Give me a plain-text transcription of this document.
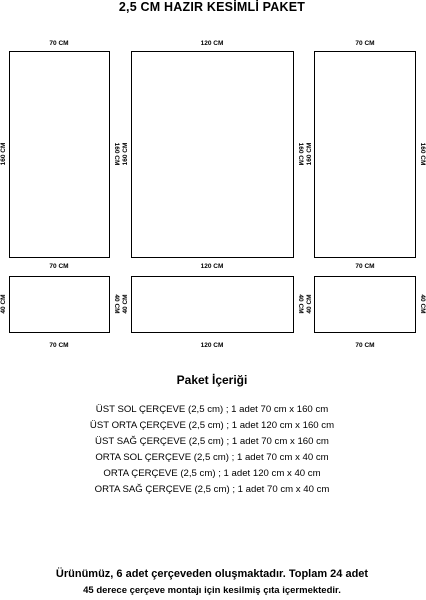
2,5 CM HAZIR KESİMLİ PAKET
70 CM	120 CM	70 CM
70 CM	120 CM	70 CM
70 CM	120 CM	70 CM
160 CM	160 CM 160 CM	160 CM 160 CM	160 CM
40 CM	40 CM 40 CM	40 CM 40 CM	40 CM
Paket İçeriği
ÜST SOL ÇERÇEVE (2,5 cm) ; 1 adet 70 cm x 160 cm
ÜST ORTA ÇERÇEVE (2,5 cm) ; 1 adet 120 cm x 160 cm
ÜST SAĞ ÇERÇEVE (2,5 cm) ; 1 adet 70 cm x 160 cm
ORTA SOL ÇERÇEVE (2,5 cm) ; 1 adet 70 cm x 40 cm
ORTA ÇERÇEVE (2,5 cm) ; 1 adet 120 cm x 40 cm
ORTA SAĞ ÇERÇEVE (2,5 cm) ; 1 adet 70 cm x 40 cm
Ürünümüz, 6 adet çerçeveden oluşmaktadır. Toplam 24 adet
45 derece çerçeve montajı için kesilmiş çıta içermektedir.
